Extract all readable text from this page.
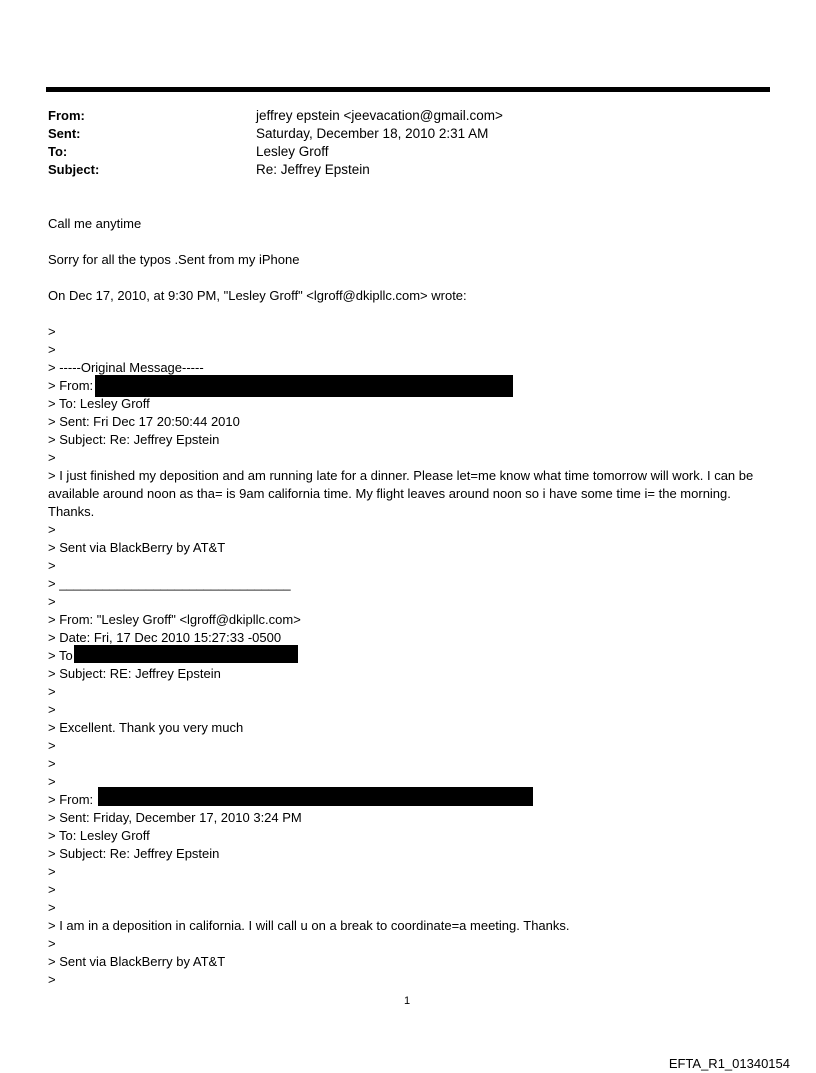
From:	jeffrey epstein <jeevacation@gmail.com>
Sent:	Saturday, December 18, 2010 2:31 AM
To:	Lesley Groff
Subject:	Re: Jeffrey Epstein
Call me anytime
Sorry for all the typos .Sent from my iPhone
On Dec 17, 2010, at 9:30 PM, "Lesley Groff" <lgroff@dkipllc.com> wrote:
>
>
> -----Original Message-----
> From:
> To: Lesley Groff
> Sent: Fri Dec 17 20:50:44 2010
> Subject: Re: Jeffrey Epstein
>
> I just finished my deposition and am running late for a dinner. Please let=me know what time tomorrow will work. I can be available around noon as tha= is 9am california time. My flight leaves around noon so i have some time i= the morning. Thanks.
>
> Sent via BlackBerry by AT&T
>
> ________________________________
>
> From: "Lesley Groff" <lgroff@dkipllc.com>
> Date: Fri, 17 Dec 2010 15:27:33 -0500
> To
> Subject: RE: Jeffrey Epstein
>
>
> Excellent. Thank you very much
>
>
>
> From:
> Sent: Friday, December 17, 2010 3:24 PM
> To: Lesley Groff
> Subject: Re: Jeffrey Epstein
>
>
>
> I am in a deposition in california. I will call u on a break to coordinate=a meeting. Thanks.
>
> Sent via BlackBerry by AT&T
>
1
EFTA_R1_01340154
